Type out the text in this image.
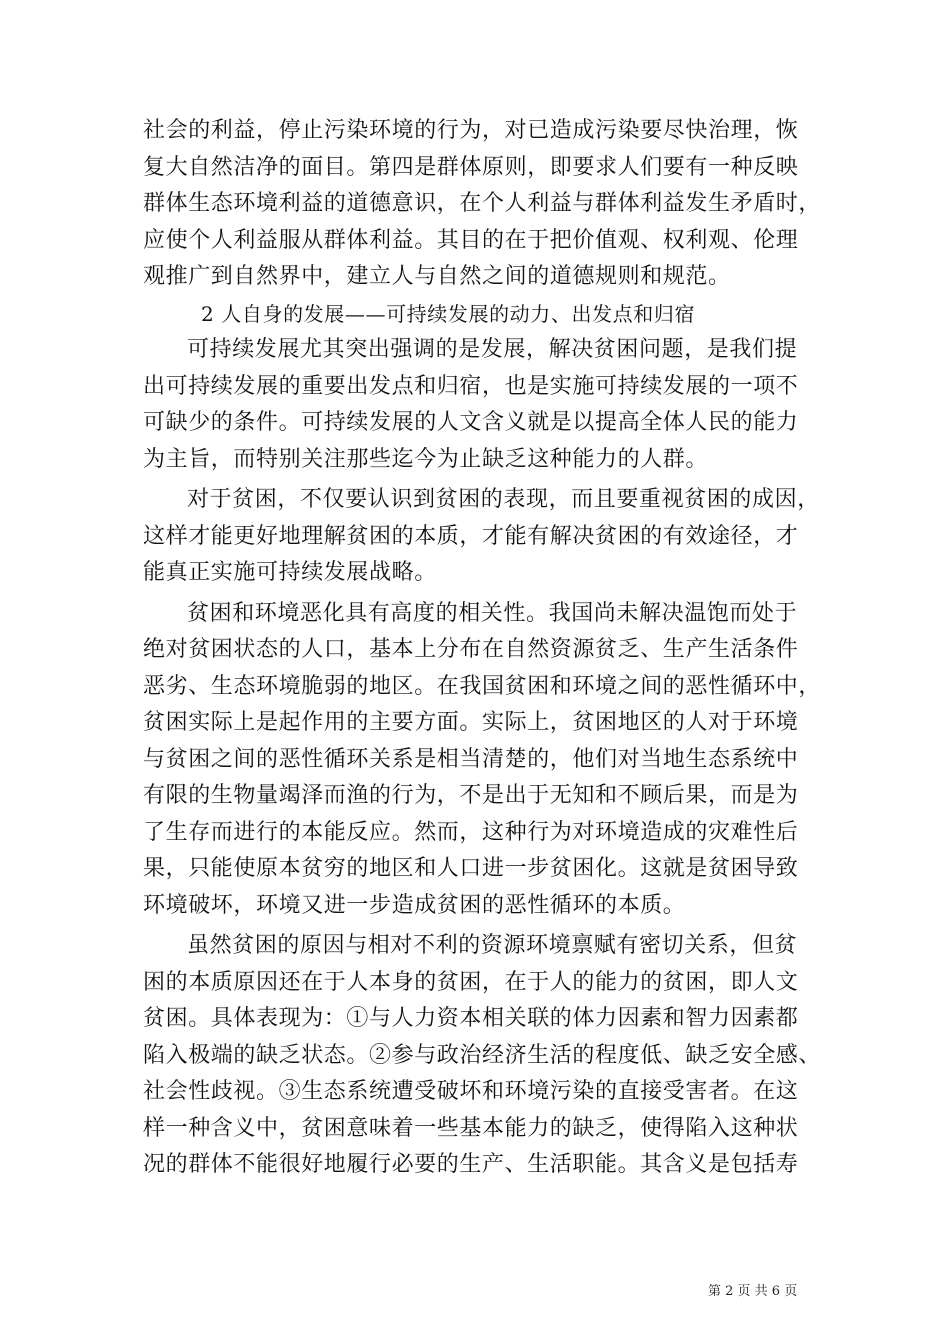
社会的利益，停止污染环境的行为，对已造成污染要尽快治理，恢
复大自然洁净的面目。第四是群体原则，即要求人们要有一种反映
群体生态环境利益的道德意识，在个人利益与群体利益发生矛盾时，
应使个人利益服从群体利益。其目的在于把价值观、权利观、伦理
观推广到自然界中，建立人与自然之间的道德规则和规范。
2 人自身的发展——可持续发展的动力、出发点和归宿
可持续发展尤其突出强调的是发展，解决贫困问题，是我们提
出可持续发展的重要出发点和归宿，也是实施可持续发展的一项不
可缺少的条件。可持续发展的人文含义就是以提高全体人民的能力
为主旨，而特别关注那些迄今为止缺乏这种能力的人群。
对于贫困，不仅要认识到贫困的表现，而且要重视贫困的成因，
这样才能更好地理解贫困的本质，才能有解决贫困的有效途径，才
能真正实施可持续发展战略。
贫困和环境恶化具有高度的相关性。我国尚未解决温饱而处于
绝对贫困状态的人口，基本上分布在自然资源贫乏、生产生活条件
恶劣、生态环境脆弱的地区。在我国贫困和环境之间的恶性循环中，
贫困实际上是起作用的主要方面。实际上，贫困地区的人对于环境
与贫困之间的恶性循环关系是相当清楚的，他们对当地生态系统中
有限的生物量竭泽而渔的行为，不是出于无知和不顾后果，而是为
了生存而进行的本能反应。然而，这种行为对环境造成的灾难性后
果，只能使原本贫穷的地区和人口进一步贫困化。这就是贫困导致
环境破坏，环境又进一步造成贫困的恶性循环的本质。
虽然贫困的原因与相对不利的资源环境禀赋有密切关系，但贫
困的本质原因还在于人本身的贫困，在于人的能力的贫困，即人文
贫困。具体表现为：①与人力资本相关联的体力因素和智力因素都
陷入极端的缺乏状态。②参与政治经济生活的程度低、缺乏安全感、
社会性歧视。③生态系统遭受破坏和环境污染的直接受害者。在这
样一种含义中，贫困意味着一些基本能力的缺乏，使得陷入这种状
况的群体不能很好地履行必要的生产、生活职能。其含义是包括寿
第 2 页 共 6 页
